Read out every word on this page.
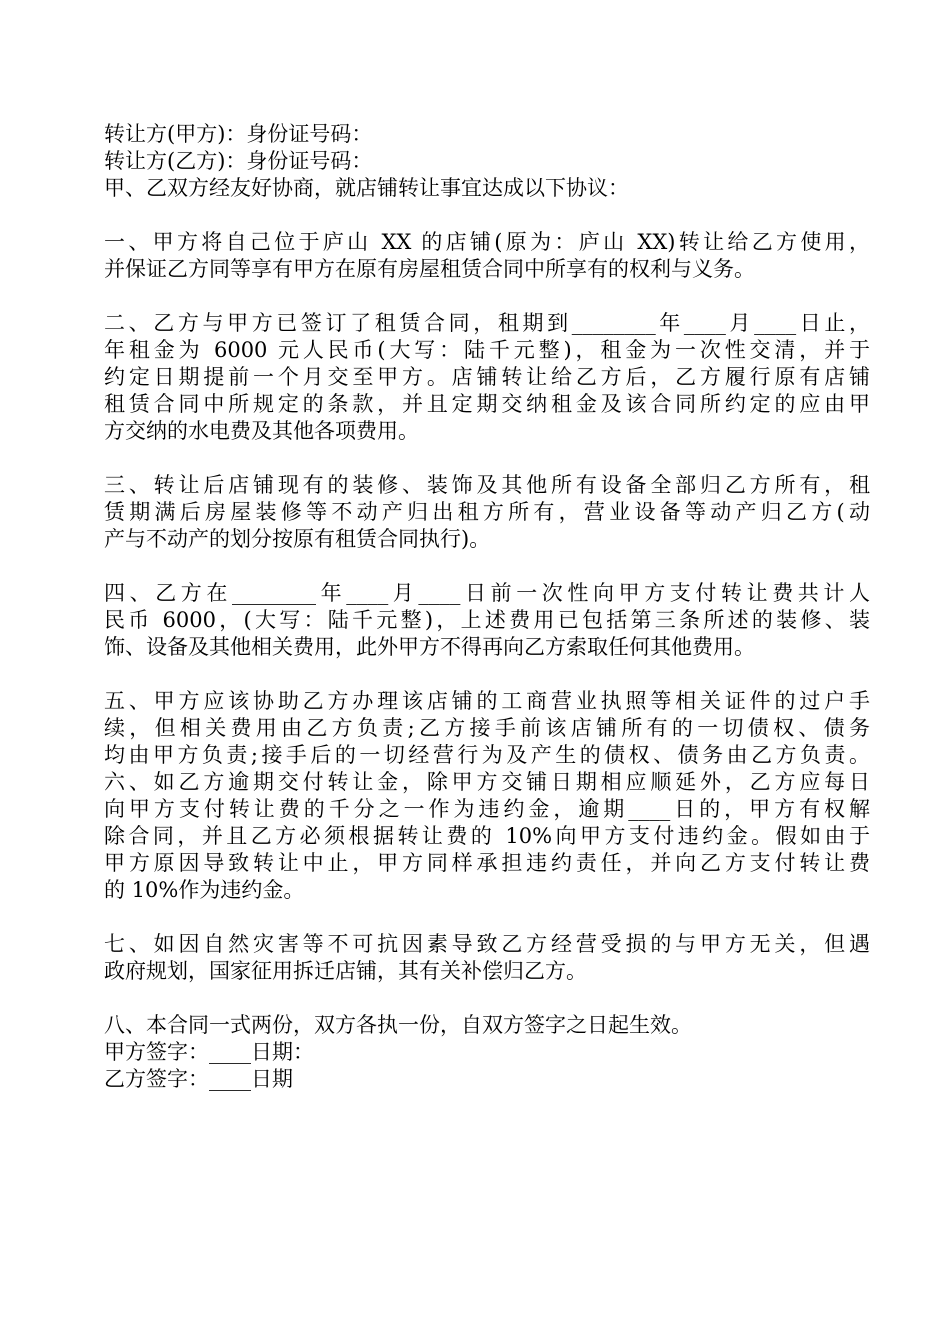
转让方(甲方)：身份证号码：
转让方(乙方)：身份证号码：
甲、乙双方经友好协商，就店铺转让事宜达成以下协议：
一、甲方将自己位于庐山 XX 的店铺(原为：庐山 XX)转让给乙方使用，
并保证乙方同等享有甲方在原有房屋租赁合同中所享有的权利与义务。
二、乙方与甲方已签订了租赁合同，租期到________年____月____日止，
年租金为 6000 元人民币(大写：陆千元整)，租金为一次性交清，并于
约定日期提前一个月交至甲方。店铺转让给乙方后，乙方履行原有店铺
租赁合同中所规定的条款，并且定期交纳租金及该合同所约定的应由甲
方交纳的水电费及其他各项费用。
三、转让后店铺现有的装修、装饰及其他所有设备全部归乙方所有，租
赁期满后房屋装修等不动产归出租方所有，营业设备等动产归乙方(动
产与不动产的划分按原有租赁合同执行)。
四、乙方在________年____月____日前一次性向甲方支付转让费共计人
民币 6000，(大写：陆千元整)，上述费用已包括第三条所述的装修、装
饰、设备及其他相关费用，此外甲方不得再向乙方索取任何其他费用。
五、甲方应该协助乙方办理该店铺的工商营业执照等相关证件的过户手
续，但相关费用由乙方负责;乙方接手前该店铺所有的一切债权、债务
均由甲方负责;接手后的一切经营行为及产生的债权、债务由乙方负责。
六、如乙方逾期交付转让金，除甲方交铺日期相应顺延外，乙方应每日
向甲方支付转让费的千分之一作为违约金，逾期____日的，甲方有权解
除合同，并且乙方必须根据转让费的 10%向甲方支付违约金。假如由于
甲方原因导致转让中止，甲方同样承担违约责任，并向乙方支付转让费
的 10%作为违约金。
七、如因自然灾害等不可抗因素导致乙方经营受损的与甲方无关，但遇
政府规划，国家征用拆迁店铺，其有关补偿归乙方。
八、本合同一式两份，双方各执一份，自双方签字之日起生效。
甲方签字：____日期：
乙方签字：____日期
